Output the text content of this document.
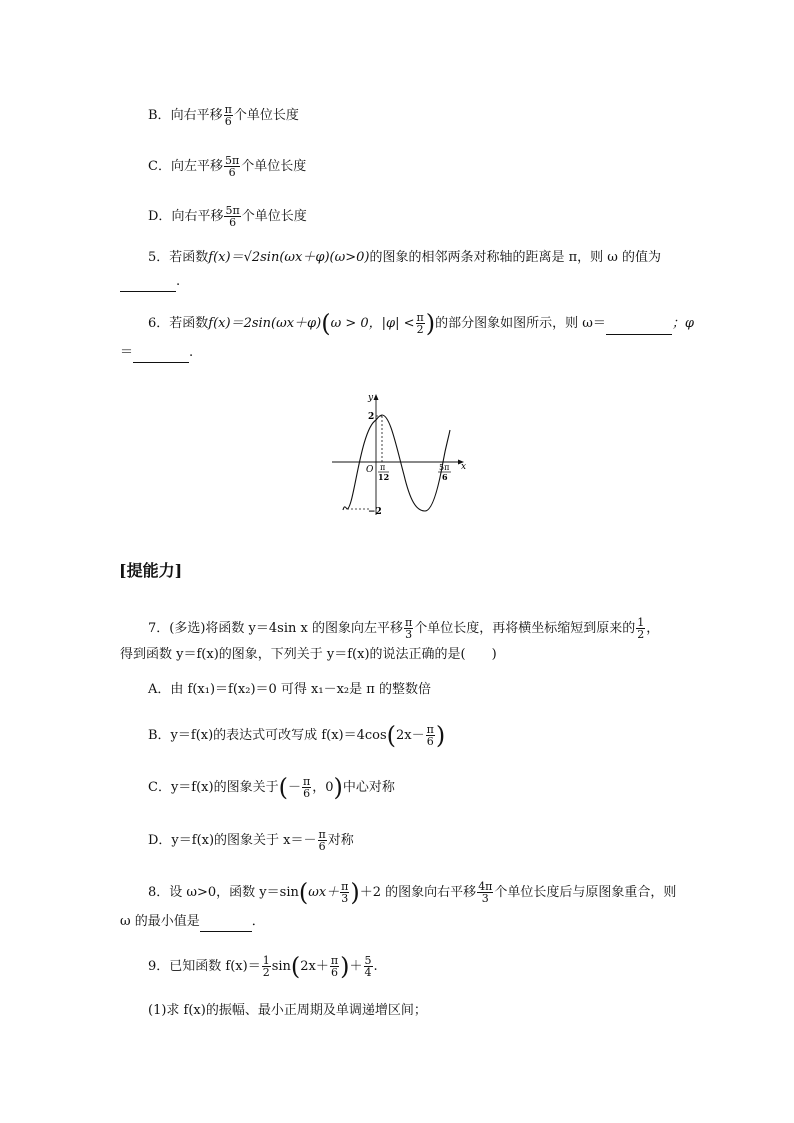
B．向右平移 $\frac{\pi}{6}$ 个单位长度
C．向左平移 $\frac{5\pi}{6}$ 个单位长度
D．向右平移 $\frac{5\pi}{6}$ 个单位长度
5．若函数f(x)＝√2sin(ωx＋φ)(ω>0)的图象的相邻两条对称轴的距离是 π，则 ω 的值为
.
6．若函数f(x)＝2sin(ωx＋φ)(ω > 0，$|\varphi| < \frac{\pi}{2}$ )的部分图象如图所示，则 ω＝	；φ
＝	.
y
x
O
2
−2
π
12
5π
6
[提能力]
7．(多选)将函数 y＝4sin x 的图象向左平移 $\frac{\pi}{3}$ 个单位长度，再将横坐标缩短到原来的 $\frac{1}{2}$ ，
得到函数 y＝f(x)的图象，下列关于 y＝f(x)的说法正确的是(　　)
A．由 f(x₁)＝f(x₂)＝0 可得 x₁－x₂是 π 的整数倍
B．y＝f(x)的表达式可改写成 $f(x)=4\cos(2x- \frac{\pi}{6}$ )
C．y＝f(x)的图象关于(－ $\frac{\pi}{6}$ ，0)中心对称
D．y＝f(x)的图象关于 $x=- \frac{\pi}{6}$ 对称
8．设 ω>0，函数 $y=\sin(\omega x+ \frac{\pi}{3} )+2$ 的图象向右平移 $\frac{4\pi}{3}$ 个单位长度后与原图象重合，则
ω 的最小值是	．
9．已知函数 $f(x)= \frac{1}{2} \sin(2x+ \frac{\pi}{6}$ )＋ $\frac{5}{4}$ .
(1)求 f(x)的振幅、最小正周期及单调递增区间；
